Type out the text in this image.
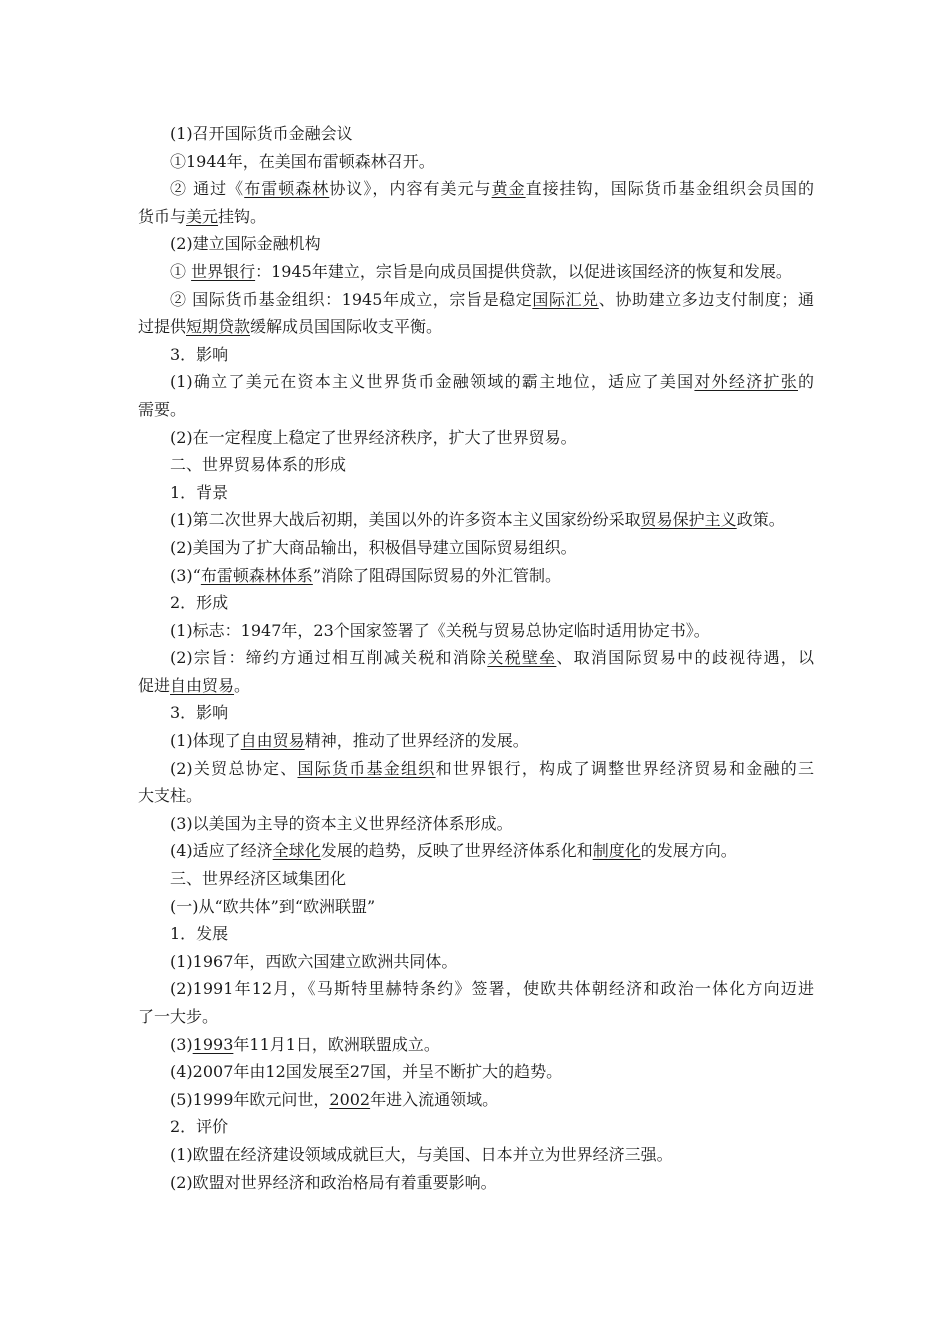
(1)召开国际货币金融会议
①1944年，在美国布雷顿森林召开。
② 通过《布雷顿森林协议》，内容有美元与黄金直接挂钩，国际货币基金组织会员国的
货币与美元挂钩。
(2)建立国际金融机构
① 世界银行：1945年建立，宗旨是向成员国提供贷款，以促进该国经济的恢复和发展。
② 国际货币基金组织：1945年成立，宗旨是稳定国际汇兑、协助建立多边支付制度；通
过提供短期贷款缓解成员国国际收支平衡。
3．影响
(1)确立了美元在资本主义世界货币金融领域的霸主地位，适应了美国对外经济扩张的
需要。
(2)在一定程度上稳定了世界经济秩序，扩大了世界贸易。
二、世界贸易体系的形成
1．背景
(1)第二次世界大战后初期，美国以外的许多资本主义国家纷纷采取贸易保护主义政策。
(2)美国为了扩大商品输出，积极倡导建立国际贸易组织。
(3)“布雷顿森林体系”消除了阻碍国际贸易的外汇管制。
2．形成
(1)标志：1947年，23个国家签署了《关税与贸易总协定临时适用协定书》。
(2)宗旨：缔约方通过相互削减关税和消除关税壁垒、取消国际贸易中的歧视待遇，以
促进自由贸易。
3．影响
(1)体现了自由贸易精神，推动了世界经济的发展。
(2)关贸总协定、国际货币基金组织和世界银行，构成了调整世界经济贸易和金融的三
大支柱。
(3)以美国为主导的资本主义世界经济体系形成。
(4)适应了经济全球化发展的趋势，反映了世界经济体系化和制度化的发展方向。
三、世界经济区域集团化
(一)从“欧共体”到“欧洲联盟”
1．发展
(1)1967年，西欧六国建立欧洲共同体。
(2)1991年12月，《马斯特里赫特条约》签署，使欧共体朝经济和政治一体化方向迈进
了一大步。
(3)1993年11月1日，欧洲联盟成立。
(4)2007年由12国发展至27国，并呈不断扩大的趋势。
(5)1999年欧元问世，2002年进入流通领域。
2．评价
(1)欧盟在经济建设领域成就巨大，与美国、日本并立为世界经济三强。
(2)欧盟对世界经济和政治格局有着重要影响。
